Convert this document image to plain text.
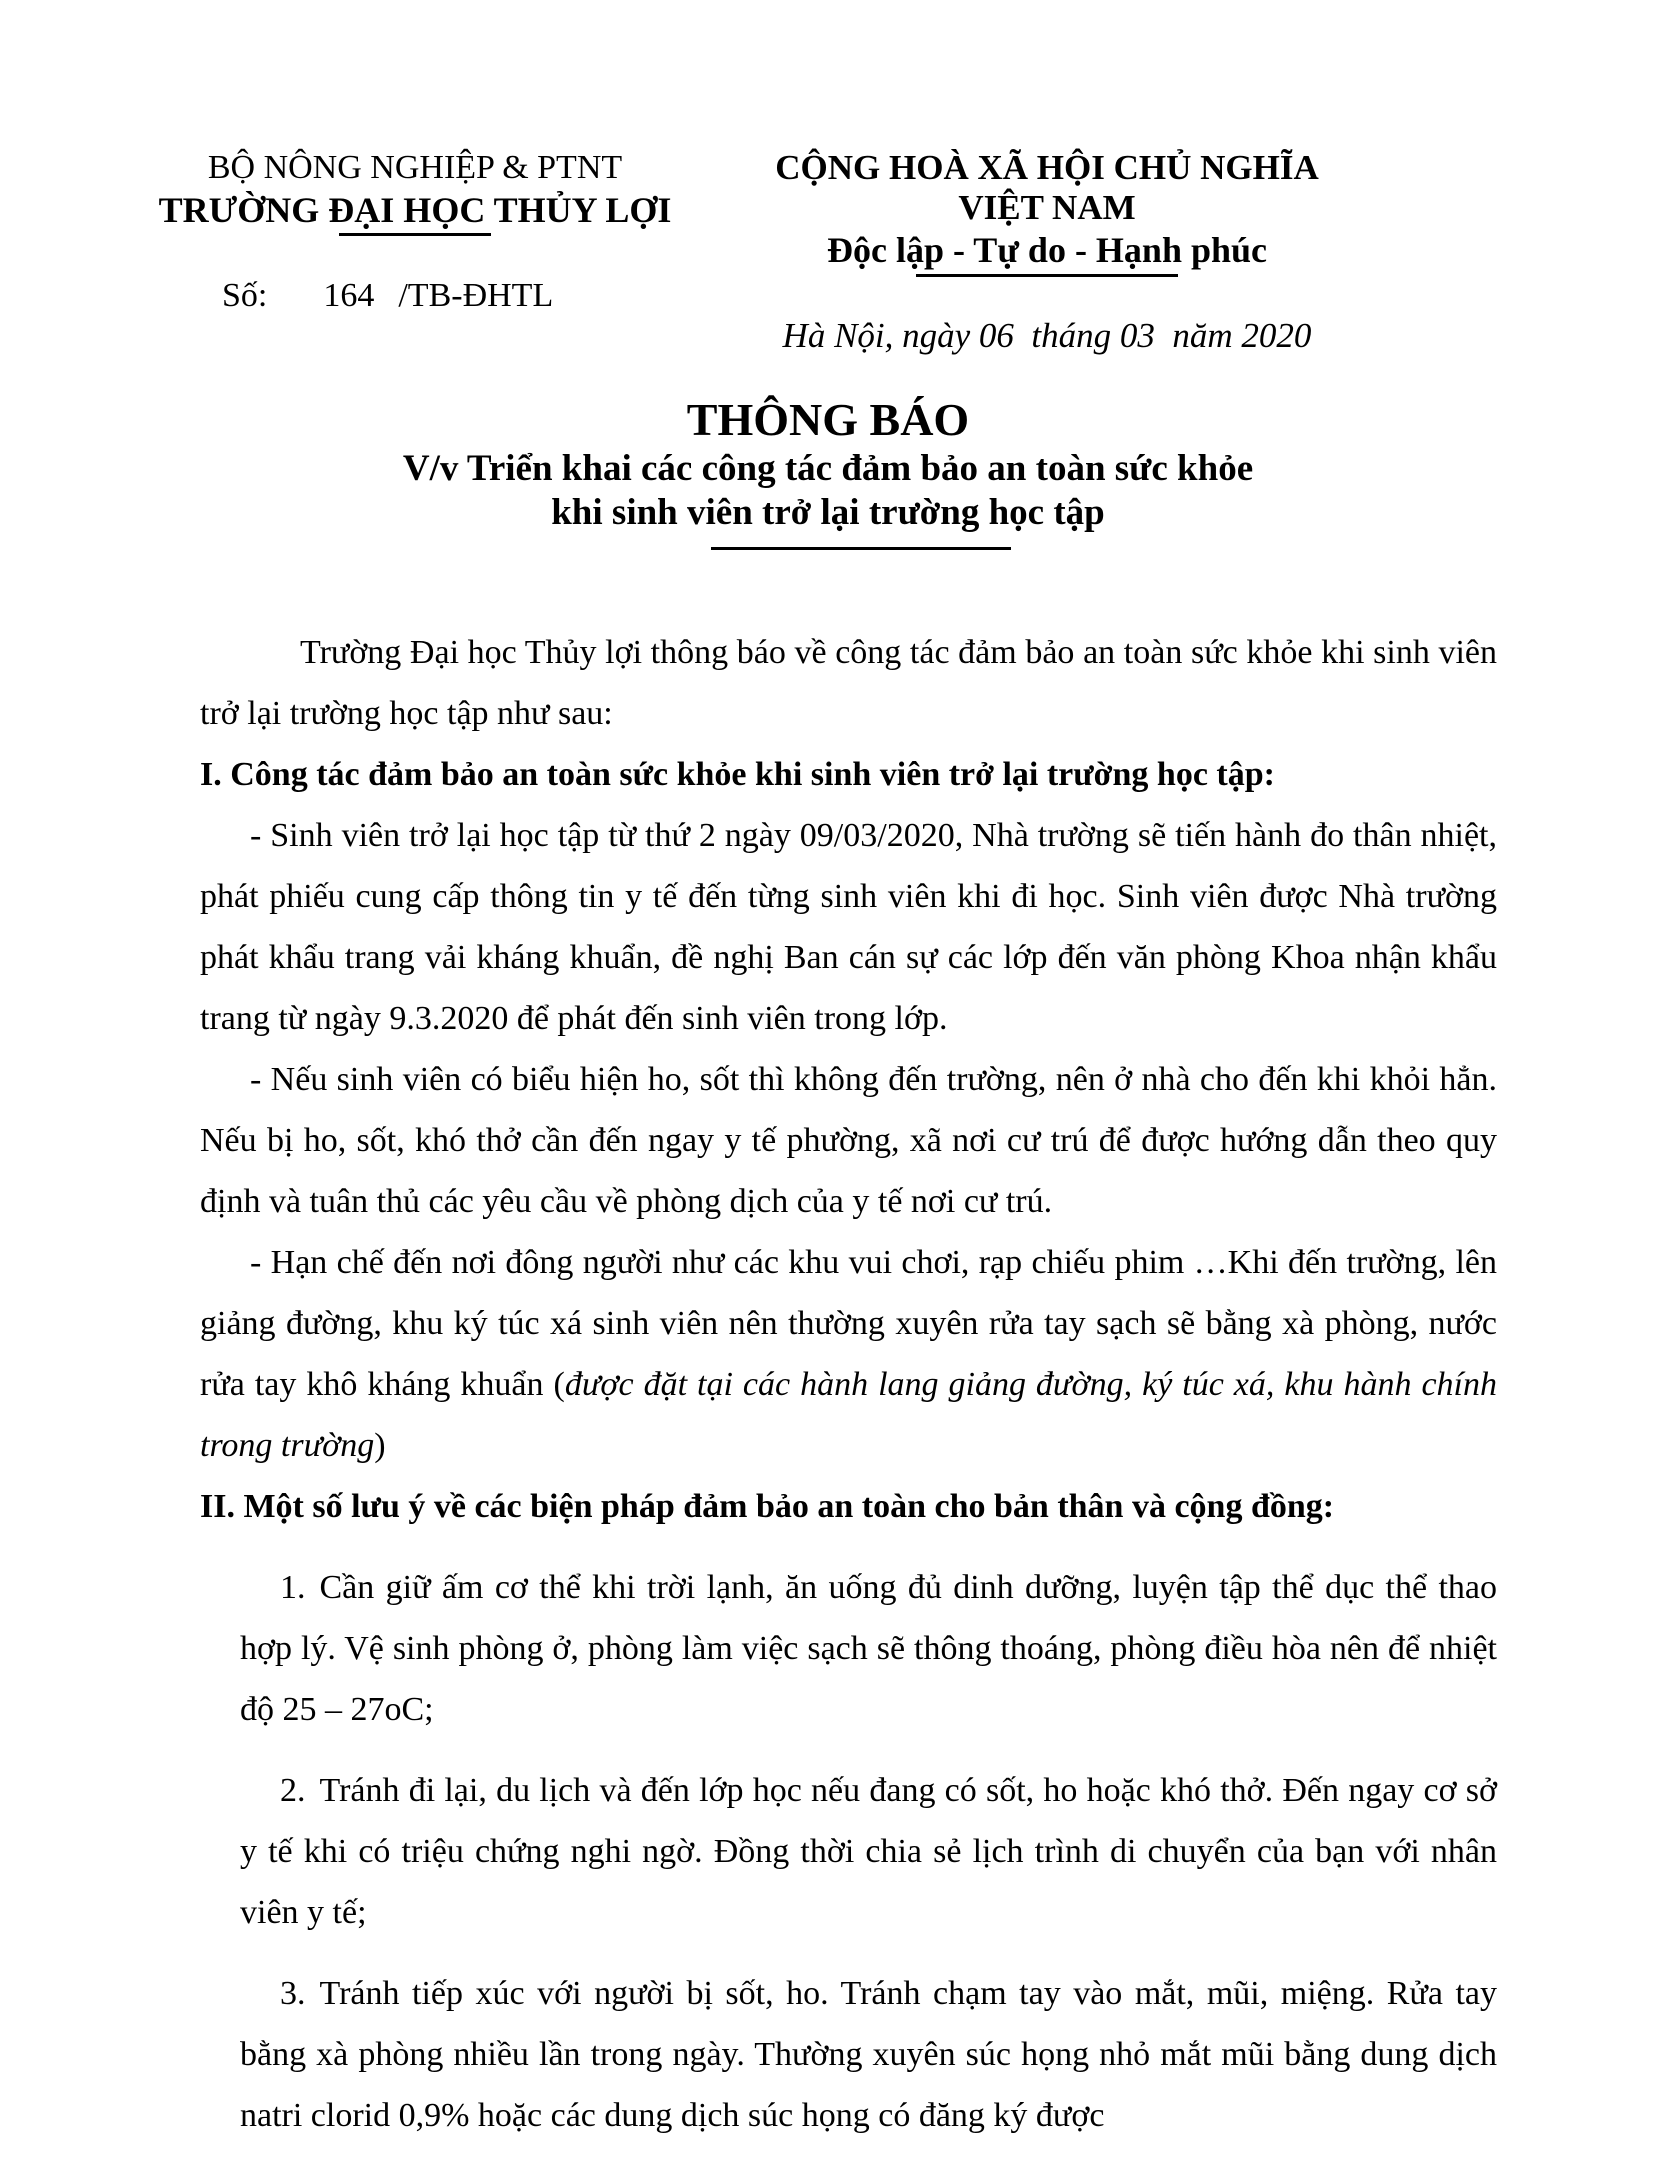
BỘ NÔNG NGHIỆP & PTNT
TRƯỜNG ĐẠI HỌC THỦY LỢI
Số: 164 /TB-ĐHTL
CỘNG HOÀ XÃ HỘI CHỦ NGHĨA VIỆT NAM
Độc lập - Tự do - Hạnh phúc
Hà Nội, ngày 06  tháng 03  năm 2020
THÔNG BÁO
V/v Triển khai các công tác đảm bảo an toàn sức khỏe
khi sinh viên trở lại trường học tập

Trường Đại học Thủy lợi thông báo về công tác đảm bảo an toàn sức khỏe khi sinh viên trở lại trường học tập như sau:

I. Công tác đảm bảo an toàn sức khỏe khi sinh viên trở lại trường học tập:

- Sinh viên trở lại học tập từ thứ 2 ngày 09/03/2020, Nhà trường sẽ tiến hành đo thân nhiệt, phát phiếu cung cấp thông tin y tế đến từng sinh viên khi đi học. Sinh viên được Nhà trường phát khẩu trang vải kháng khuẩn, đề nghị Ban cán sự các lớp đến văn phòng Khoa nhận khẩu trang từ ngày 9.3.2020 để phát đến sinh viên trong lớp.

- Nếu sinh viên có biểu hiện ho, sốt thì không đến trường, nên ở nhà cho đến khi khỏi hẳn. Nếu bị ho, sốt, khó thở cần đến ngay y tế phường, xã nơi cư trú để được hướng dẫn theo quy định và tuân thủ các yêu cầu về phòng dịch của y tế nơi cư trú.

- Hạn chế đến nơi đông người như các khu vui chơi, rạp chiếu phim …Khi đến trường, lên giảng đường, khu ký túc xá sinh viên nên thường xuyên rửa tay sạch sẽ bằng xà phòng, nước rửa tay khô kháng khuẩn (được đặt tại các hành lang giảng đường, ký túc xá, khu hành chính trong trường)

II. Một số lưu ý về các biện pháp đảm bảo an toàn cho bản thân và cộng đồng:

1. Cần giữ ấm cơ thể khi trời lạnh, ăn uống đủ dinh dưỡng, luyện tập thể dục thể thao hợp lý. Vệ sinh phòng ở, phòng làm việc sạch sẽ thông thoáng, phòng điều hòa nên để nhiệt độ 25 – 27oC;
2. Tránh đi lại, du lịch và đến lớp học nếu đang có sốt, ho hoặc khó thở. Đến ngay cơ sở y tế khi có triệu chứng nghi ngờ. Đồng thời chia sẻ lịch trình di chuyển của bạn với nhân viên y tế;
3. Tránh tiếp xúc với người bị sốt, ho. Tránh chạm tay vào mắt, mũi, miệng. Rửa tay bằng xà phòng nhiều lần trong ngày. Thường xuyên súc họng nhỏ mắt mũi bằng dung dịch natri clorid 0,9% hoặc các dung dịch súc họng có đăng ký được
